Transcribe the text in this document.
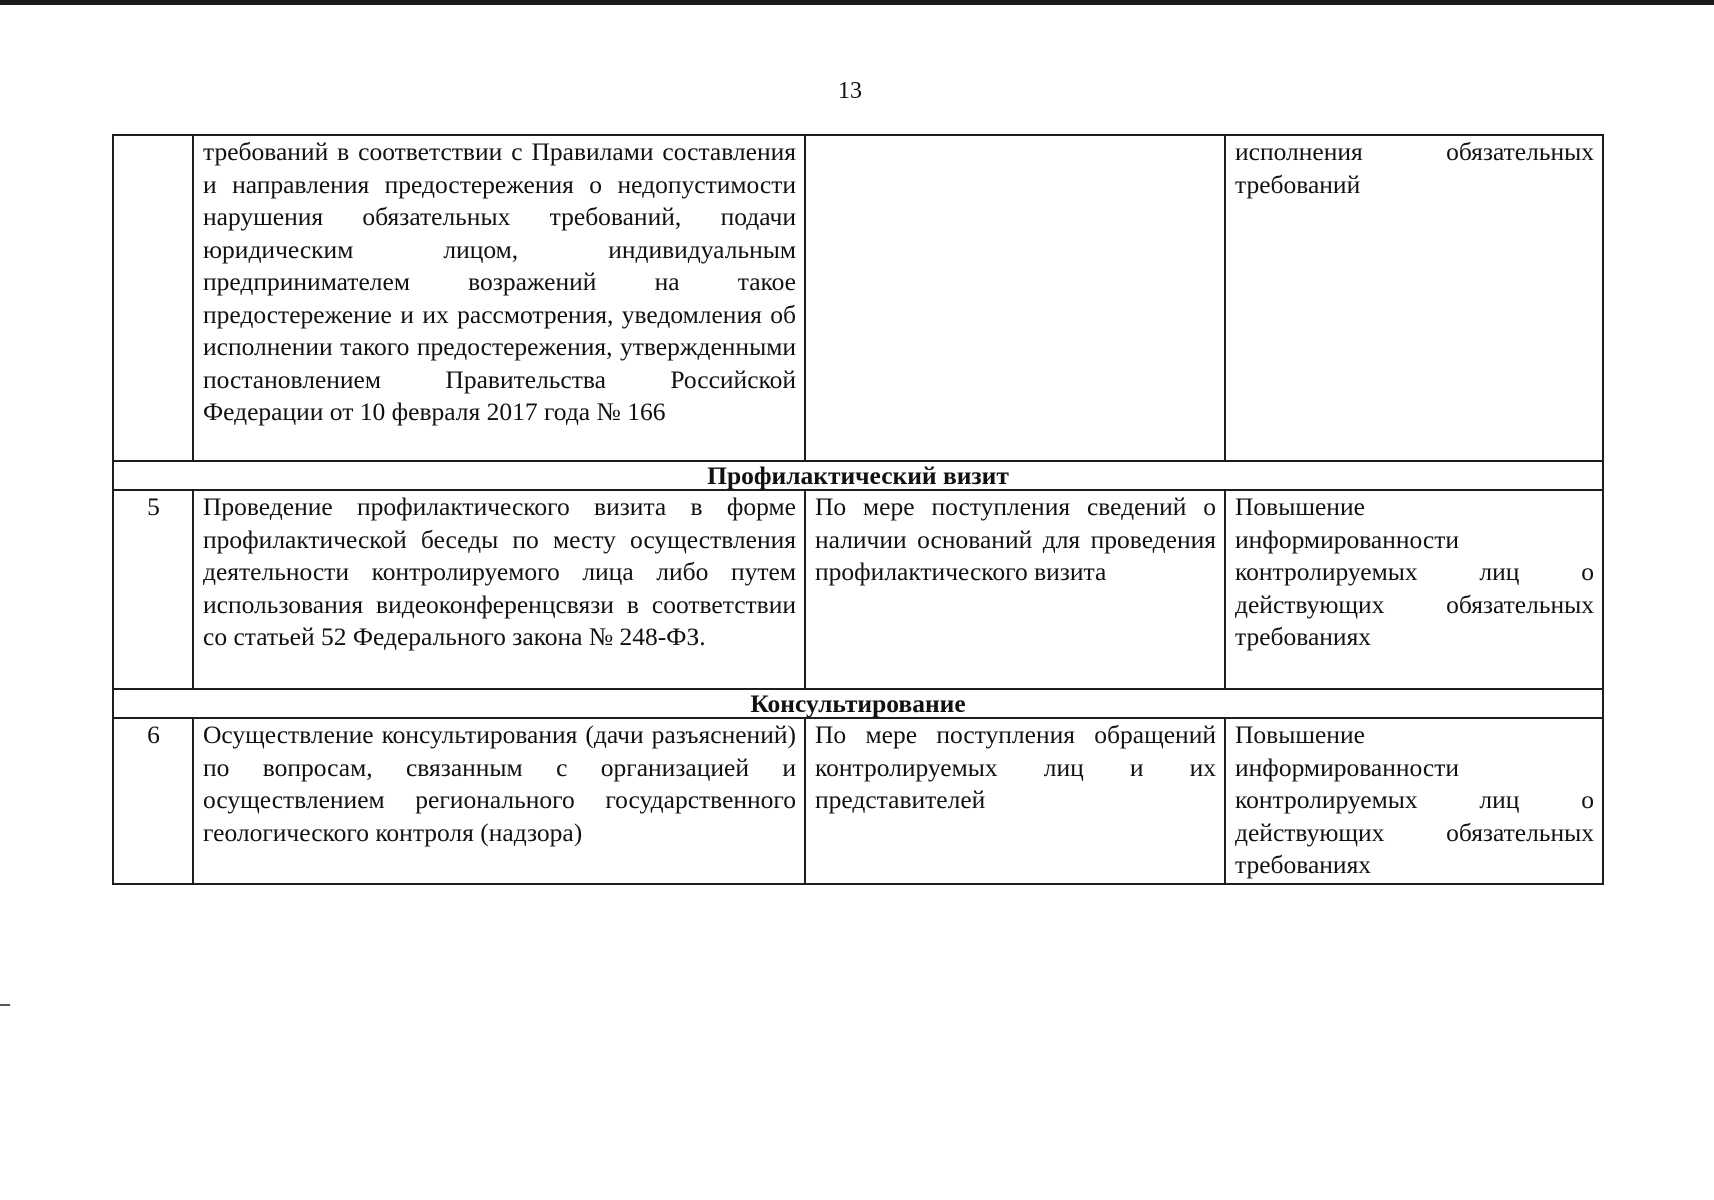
13
	требований в соответствии с Правилами составления и направления предостережения о недопустимости нарушения обязательных требований, подачи юридическим лицом, индивидуальным предпринимателем возражений на такое предостережение и их рассмотрения, уведомления об исполнении такого предостережения, утвержденными постановлением Правительства Российской Федерации от 10 февраля 2017 года № 166		исполнения обязательных требований
Профилактический визит			
5	Проведение профилактического визита в форме профилактической беседы по месту осуществления деятельности контролируемого лица либо путем использования видеоконференцсвязи в соответствии со статьей 52 Федерального закона № 248-ФЗ.	По мере поступления сведений о наличии оснований для проведения профилактического визита	Повышение информированности контролируемых лиц о действующих обязательных требованиях
Консультирование			
6	Осуществление консультирования (дачи разъяснений) по вопросам, связанным с организацией и осуществлением регионального государственного геологического контроля (надзора)	По мере поступления обращений контролируемых лиц и их представителей	Повышение информированности контролируемых лиц о действующих обязательных требованиях
